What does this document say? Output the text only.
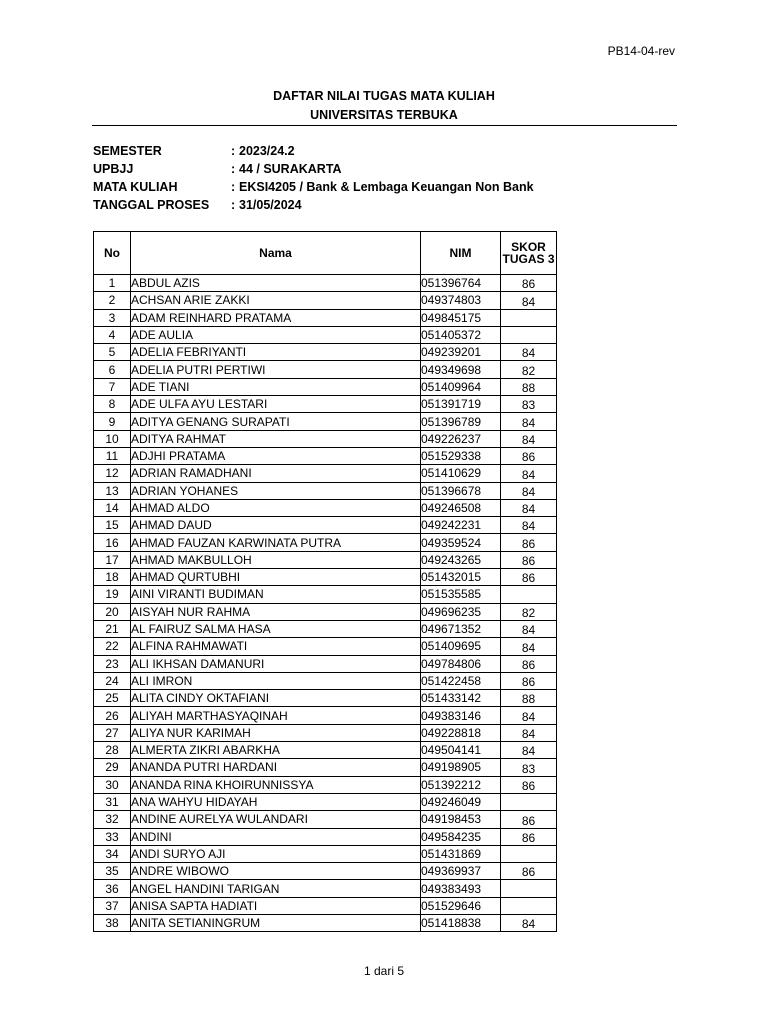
PB14-04-rev
DAFTAR NILAI TUGAS MATA KULIAH
UNIVERSITAS TERBUKA
SEMESTER	: 2023/24.2
UPBJJ	: 44 / SURAKARTA
MATA KULIAH	: EKSI4205 / Bank & Lembaga Keuangan Non Bank
TANGGAL PROSES	: 31/05/2024
No	Nama	NIM	SKOR TUGAS 3
1	ABDUL AZIS	051396764	86
2	ACHSAN ARIE ZAKKI	049374803	84
3	ADAM REINHARD PRATAMA	049845175	
4	ADE AULIA	051405372	
5	ADELIA FEBRIYANTI	049239201	84
6	ADELIA PUTRI PERTIWI	049349698	82
7	ADE TIANI	051409964	88
8	ADE ULFA AYU LESTARI	051391719	83
9	ADITYA GENANG SURAPATI	051396789	84
10	ADITYA RAHMAT	049226237	84
11	ADJHI PRATAMA	051529338	86
12	ADRIAN RAMADHANI	051410629	84
13	ADRIAN YOHANES	051396678	84
14	AHMAD ALDO	049246508	84
15	AHMAD DAUD	049242231	84
16	AHMAD FAUZAN KARWINATA PUTRA	049359524	86
17	AHMAD MAKBULLOH	049243265	86
18	AHMAD QURTUBHI	051432015	86
19	AINI VIRANTI BUDIMAN	051535585	
20	AISYAH NUR RAHMA	049696235	82
21	AL FAIRUZ SALMA HASA	049671352	84
22	ALFINA RAHMAWATI	051409695	84
23	ALI IKHSAN DAMANURI	049784806	86
24	ALI IMRON	051422458	86
25	ALITA CINDY OKTAFIANI	051433142	88
26	ALIYAH MARTHASYAQINAH	049383146	84
27	ALIYA NUR KARIMAH	049228818	84
28	ALMERTA ZIKRI ABARKHA	049504141	84
29	ANANDA PUTRI HARDANI	049198905	83
30	ANANDA RINA KHOIRUNNISSYA	051392212	86
31	ANA WAHYU HIDAYAH	049246049	
32	ANDINE AURELYA WULANDARI	049198453	86
33	ANDINI	049584235	86
34	ANDI SURYO AJI	051431869	
35	ANDRE WIBOWO	049369937	86
36	ANGEL HANDINI TARIGAN	049383493	
37	ANISA SAPTA HADIATI	051529646	
38	ANITA SETIANINGRUM	051418838	84
1 dari 5
